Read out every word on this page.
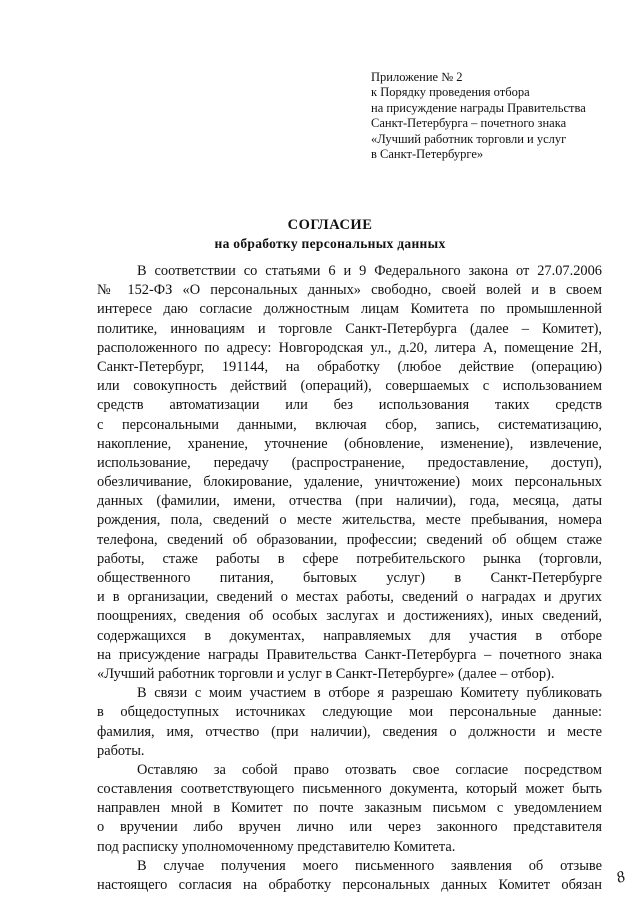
Приложение № 2
к Порядку проведения отбора
на присуждение награды Правительства
Санкт-Петербурга – почетного знака
«Лучший работник торговли и услуг
в Санкт-Петербурге»
СОГЛАСИЕ
на обработку персональных данных
В соответствии со статьями 6 и 9 Федерального закона от 27.07.2006
№ 152-ФЗ «О персональных данных» свободно, своей волей и в своем
интересе даю согласие должностным лицам Комитета по промышленной
политике, инновациям и торговле Санкт-Петербурга (далее – Комитет),
расположенного по адресу: Новгородская ул., д.20, литера А, помещение 2Н,
Санкт-Петербург, 191144, на обработку (любое действие (операцию)
или совокупность действий (операций), совершаемых с использованием
средств автоматизации или без использования таких средств
с персональными данными, включая сбор, запись, систематизацию,
накопление, хранение, уточнение (обновление, изменение), извлечение,
использование, передачу (распространение, предоставление, доступ),
обезличивание, блокирование, удаление, уничтожение) моих персональных
данных (фамилии, имени, отчества (при наличии), года, месяца, даты
рождения, пола, сведений о месте жительства, месте пребывания, номера
телефона, сведений об образовании, профессии; сведений об общем стаже
работы, стаже работы в сфере потребительского рынка (торговли,
общественного питания, бытовых услуг) в Санкт-Петербурге
и в организации, сведений о местах работы, сведений о наградах и других
поощрениях, сведения об особых заслугах и достижениях), иных сведений,
содержащихся в документах, направляемых для участия в отборе
на присуждение награды Правительства Санкт-Петербурга – почетного знака
«Лучший работник торговли и услуг в Санкт-Петербурге» (далее – отбор).
В связи с моим участием в отборе я разрешаю Комитету публиковать
в общедоступных источниках следующие мои персональные данные:
фамилия, имя, отчество (при наличии), сведения о должности и месте
работы.
Оставляю за собой право отозвать свое согласие посредством
составления соответствующего письменного документа, который может быть
направлен мной в Комитет по почте заказным письмом с уведомлением
о вручении либо вручен лично или через законного представителя
под расписку уполномоченному представителю Комитета.
В случае получения моего письменного заявления об отзыве
настоящего согласия на обработку персональных данных Комитет обязан 8
